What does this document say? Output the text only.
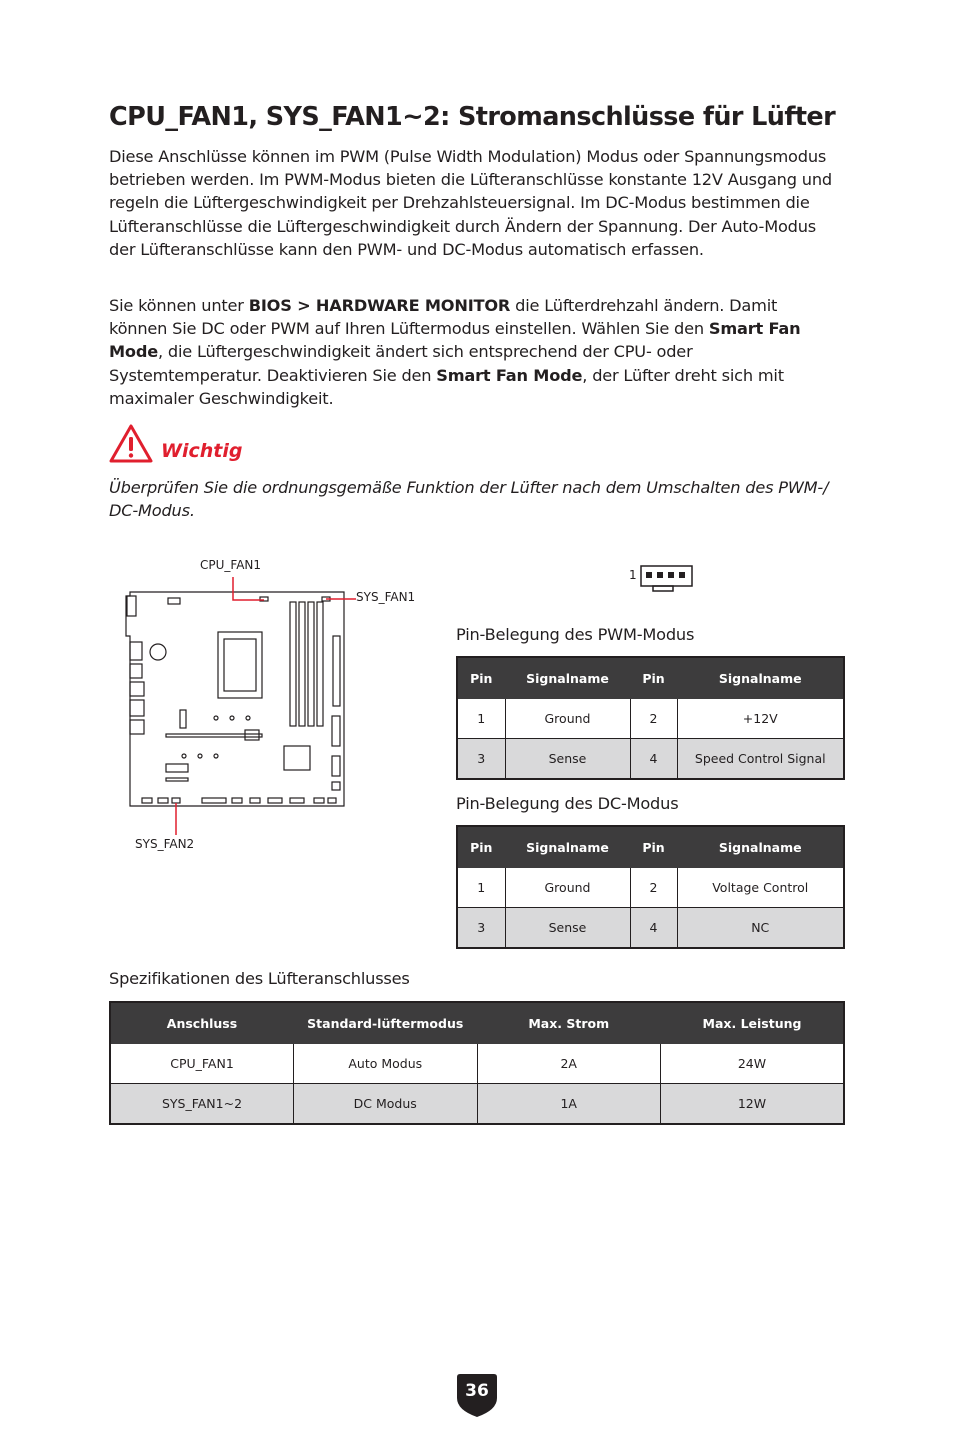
CPU_FAN1, SYS_FAN1~2: Stromanschlüsse für Lüfter

Diese Anschlüsse können im PWM (Pulse Width Modulation) Modus oder Spannungsmodus betrieben werden. Im PWM-Modus bieten die Lüfteranschlüsse konstante 12V Ausgang und regeln die Lüftergeschwindigkeit per Drehzahlsteuersignal. Im DC-Modus bestimmen die Lüfteranschlüsse die Lüftergeschwindigkeit durch Ändern der Spannung. Der Auto-Modus der Lüfteranschlüsse kann den PWM- und DC-Modus automatisch erfassen.

Sie können unter BIOS > HARDWARE MONITOR die Lüfterdrehzahl ändern. Damit können Sie DC oder PWM auf Ihren Lüftermodus einstellen. Wählen Sie den Smart Fan Mode, die Lüftergeschwindigkeit ändert sich entsprechend der CPU- oder Systemtemperatur. Deaktivieren Sie den Smart Fan Mode, der Lüfter dreht sich mit maximaler Geschwindigkeit.

Wichtig
Überprüfen Sie die ordnungsgemäße Funktion der Lüfter nach dem Umschalten des PWM-/ DC-Modus.
CPU_FAN1
SYS_FAN1
SYS_FAN2
1
Pin-Belegung des PWM-Modus
Pin	Signalname	Pin	Signalname
1	Ground	2	+12V
3	Sense	4	Speed Control Signal
Pin-Belegung des DC-Modus
Pin	Signalname	Pin	Signalname
1	Ground	2	Voltage Control
3	Sense	4	NC
Spezifikationen des Lüfteranschlusses
Anschluss	Standard-lüftermodus	Max. Strom	Max. Leistung
CPU_FAN1	Auto Modus	2A	24W
SYS_FAN1~2	DC Modus	1A	12W
36
